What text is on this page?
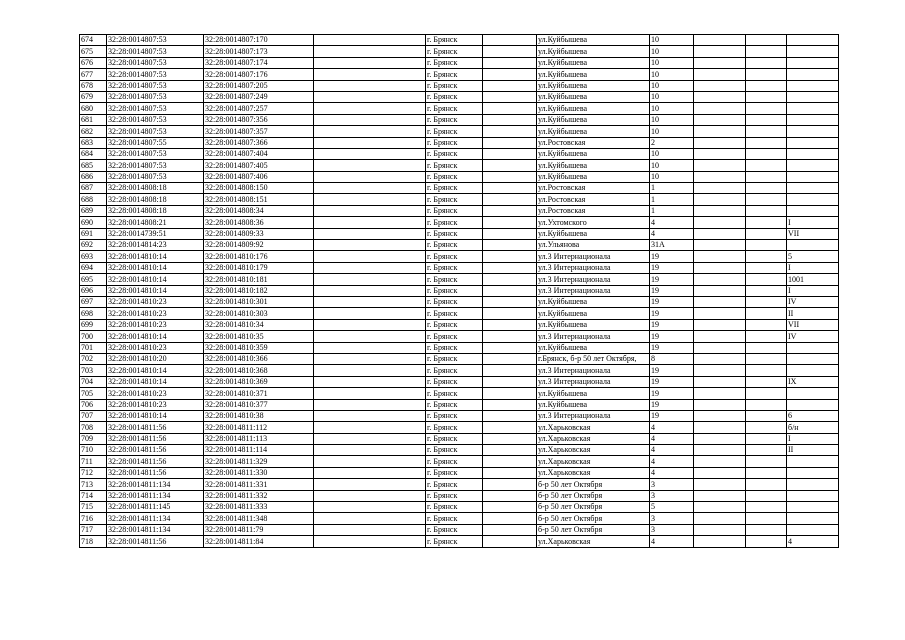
674	32:28:0014807:53	32:28:0014807:170		г. Брянск		ул.Куйбышева	10			
675	32:28:0014807:53	32:28:0014807:173		г. Брянск		ул.Куйбышева	10			
676	32:28:0014807:53	32:28:0014807:174		г. Брянск		ул.Куйбышева	10			
677	32:28:0014807:53	32:28:0014807:176		г. Брянск		ул.Куйбышева	10			
678	32:28:0014807:53	32:28:0014807:205		г. Брянск		ул.Куйбышева	10			
679	32:28:0014807:53	32:28:0014807:249		г. Брянск		ул.Куйбышева	10			
680	32:28:0014807:53	32:28:0014807:257		г. Брянск		ул.Куйбышева	10			
681	32:28:0014807:53	32:28:0014807:356		г. Брянск		ул.Куйбышева	10			
682	32:28:0014807:53	32:28:0014807:357		г. Брянск		ул.Куйбышева	10			
683	32:28:0014807:55	32:28:0014807:366		г. Брянск		ул.Ростовская	2			
684	32:28:0014807:53	32:28:0014807:404		г. Брянск		ул.Куйбышева	10			
685	32:28:0014807:53	32:28:0014807:405		г. Брянск		ул.Куйбышева	10			
686	32:28:0014807:53	32:28:0014807:406		г. Брянск		ул.Куйбышева	10			
687	32:28:0014808:18	32:28:0014808:150		г. Брянск		ул.Ростовская	1			
688	32:28:0014808:18	32:28:0014808:151		г. Брянск		ул.Ростовская	1			
689	32:28:0014808:18	32:28:0014808:34		г. Брянск		ул.Ростовская	1			
690	32:28:0014808:21	32:28:0014808:36		г. Брянск		ул.Ухтомского	4			I
691	32:28:0014739:51	32:28:0014809:33		г. Брянск		ул.Куйбышева	4			VII
692	32:28:0014814:23	32:28:0014809:92		г. Брянск		ул.Ульянова	31А			
693	32:28:0014810:14	32:28:0014810:176		г. Брянск		ул.3 Интернационала	19			5
694	32:28:0014810:14	32:28:0014810:179		г. Брянск		ул.3 Интернационала	19			I
695	32:28:0014810:14	32:28:0014810:181		г. Брянск		ул.3 Интернационала	19			1001
696	32:28:0014810:14	32:28:0014810:182		г. Брянск		ул.3 Интернационала	19			I
697	32:28:0014810:23	32:28:0014810:301		г. Брянск		ул.Куйбышева	19			IV
698	32:28:0014810:23	32:28:0014810:303		г. Брянск		ул.Куйбышева	19			II
699	32:28:0014810:23	32:28:0014810:34		г. Брянск		ул.Куйбышева	19			VII
700	32:28:0014810:14	32:28:0014810:35		г. Брянск		ул.3 Интернационала	19			IV
701	32:28:0014810:23	32:28:0014810:359		г. Брянск		ул.Куйбышева	19			
702	32:28:0014810:20	32:28:0014810:366		г. Брянск		г.Брянск, б-р 50 лет Октября,	8			
703	32:28:0014810:14	32:28:0014810:368		г. Брянск		ул.3 Интернационала	19			
704	32:28:0014810:14	32:28:0014810:369		г. Брянск		ул.3 Интернационала	19			IX
705	32:28:0014810:23	32:28:0014810:371		г. Брянск		ул.Куйбышева	19			
706	32:28:0014810:23	32:28:0014810:377		г. Брянск		ул.Куйбышева	19			
707	32:28:0014810:14	32:28:0014810:38		г. Брянск		ул.3 Интернационала	19			6
708	32:28:0014811:56	32:28:0014811:112		г. Брянск		ул.Харьковская	4			б/н
709	32:28:0014811:56	32:28:0014811:113		г. Брянск		ул.Харьковская	4			I
710	32:28:0014811:56	32:28:0014811:114		г. Брянск		ул.Харьковская	4			II
711	32:28:0014811:56	32:28:0014811:329		г. Брянск		ул.Харьковская	4			
712	32:28:0014811:56	32:28:0014811:330		г. Брянск		ул.Харьковская	4			
713	32:28:0014811:134	32:28:0014811:331		г. Брянск		б-р 50 лет Октября	3			
714	32:28:0014811:134	32:28:0014811:332		г. Брянск		б-р 50 лет Октября	3			
715	32:28:0014811:145	32:28:0014811:333		г. Брянск		б-р 50 лет Октября	5			
716	32:28:0014811:134	32:28:0014811:348		г. Брянск		б-р 50 лет Октября	3			
717	32:28:0014811:134	32:28:0014811:79		г. Брянск		б-р 50 лет Октября	3			
718	32:28:0014811:56	32:28:0014811:84		г. Брянск		ул.Харьковская	4			4
